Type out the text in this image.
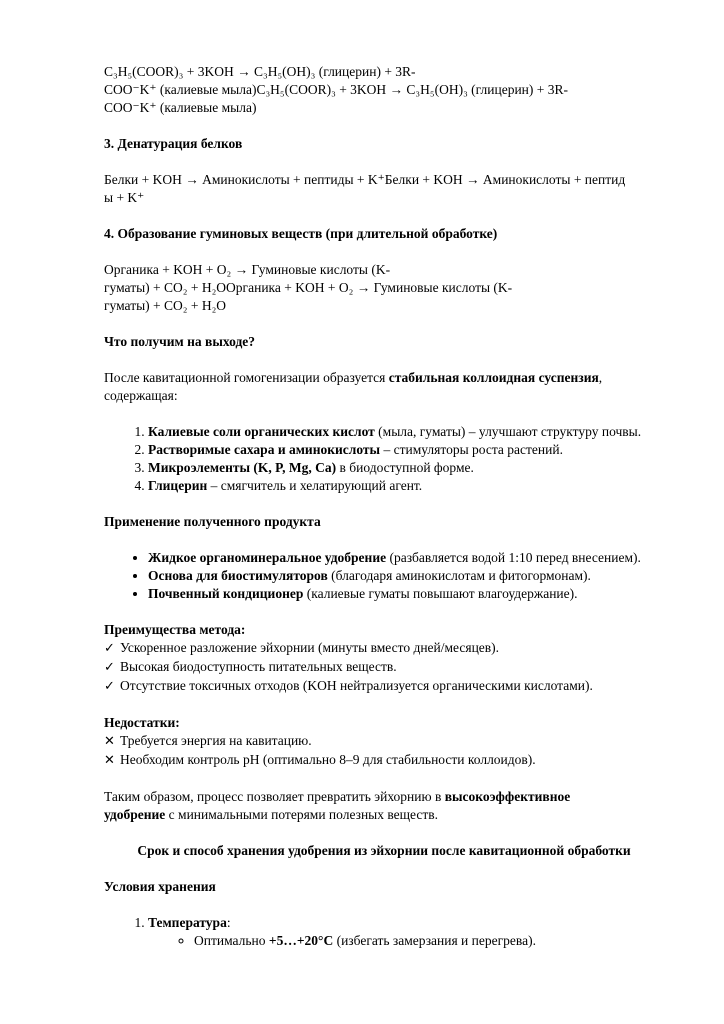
C₃H₅(COOR)₃ + 3KOH → C₃H₅(OH)₃ (глицерин) + 3R-

COO⁻K⁺ (калиевые мыла)C₃H₅(COOR)₃ + 3KOH → C₃H₅(OH)₃ (глицерин) + 3R-

COO⁻K⁺ (калиевые мыла)

3. Денатурация белков

Белки + KOH → Аминокислоты + пептиды + K⁺Белки + KOH → Аминокислоты + пептид

ы + K⁺

4. Образование гуминовых веществ (при длительной обработке)

Органика + KOH + O₂ → Гуминовые кислоты (K-

гуматы) + CO₂ + H₂OОрганика + KOH + O₂ → Гуминовые кислоты (K-

гуматы) + CO₂ + H₂O

Что получим на выходе?

После кавитационной гомогенизации образуется стабильная коллоидная суспензия,

содержащая:

1. Калиевые соли органических кислот (мыла, гуматы) – улучшают структуру почвы.
2. Растворимые сахара и аминокислоты – стимуляторы роста растений.
3. Микроэлементы (K, P, Mg, Ca) в биодоступной форме.
4. Глицерин – смягчитель и хелатирующий агент.

Применение полученного продукта

• Жидкое органоминеральное удобрение (разбавляется водой 1:10 перед внесением).
• Основа для биостимуляторов (благодаря аминокислотам и фитогормонам).
• Почвенный кондиционер (калиевые гуматы повышают влагоудержание).

Преимущества метода:

✓ Ускоренное разложение эйхорнии (минуты вместо дней/месяцев).

✓ Высокая биодоступность питательных веществ.

✓ Отсутствие токсичных отходов (KOH нейтрализуется органическими кислотами).

Недостатки:

✕ Требуется энергия на кавитацию.

✕ Необходим контроль pH (оптимально 8–9 для стабильности коллоидов).

Таким образом, процесс позволяет превратить эйхорнию в высокоэффективное

удобрение с минимальными потерями полезных веществ.

Срок и способ хранения удобрения из эйхорнии после кавитационной обработки

Условия хранения

1. Температура:
◦ Оптимально +5…+20°C (избегать замерзания и перегрева).
